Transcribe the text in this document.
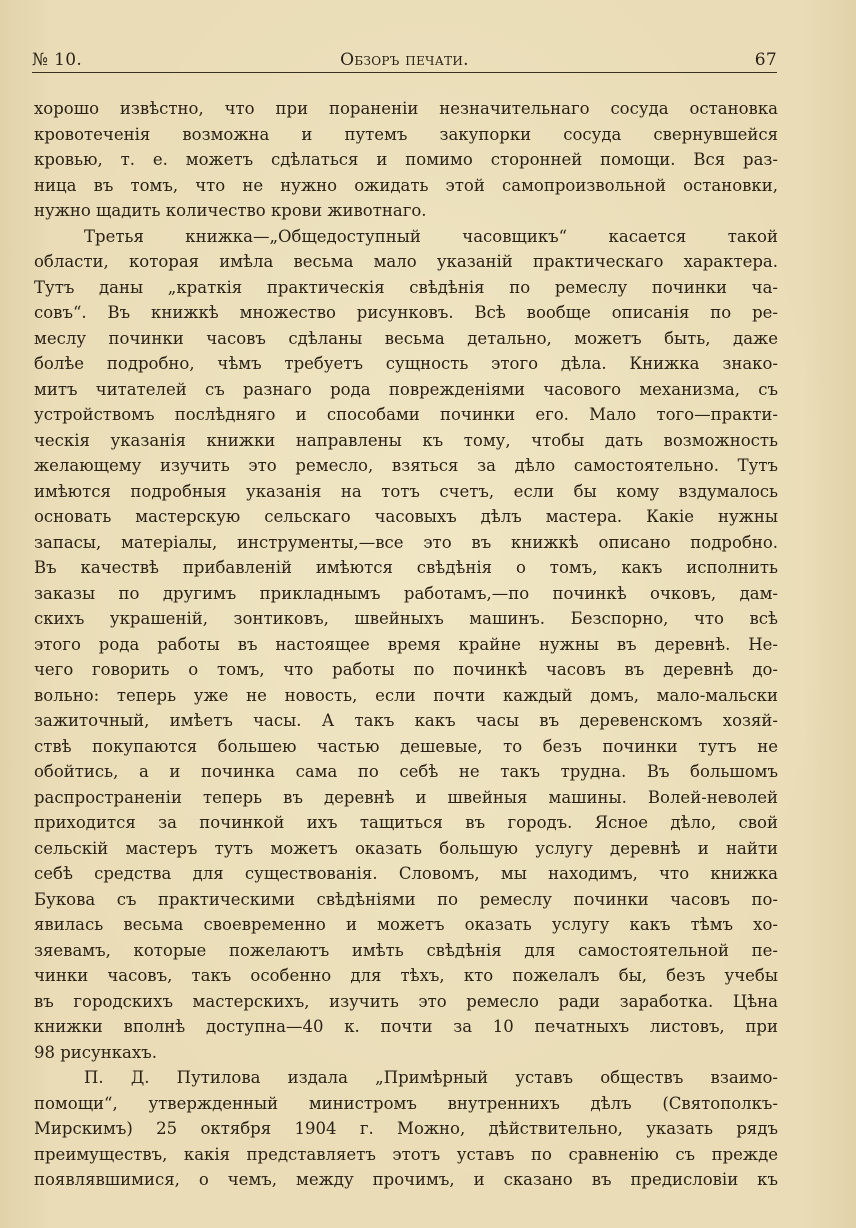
№ 10.	Обзоръ печати.	67
хорошо извѣстно, что при пораненіи незначительнаго сосуда остановка
кровотеченія возможна и путемъ закупорки сосуда свернувшейся
кровью, т. е. можетъ сдѣлаться и помимо сторонней помощи. Вся раз-
ница въ томъ, что не нужно ожидать этой самопроизвольной остановки,
нужно щадить количество крови животнаго.
Третья книжка—„Общедоступный часовщикъ“ касается такой
области, которая имѣла весьма мало указаній практическаго характера.
Тутъ даны „краткія практическія свѣдѣнія по ремеслу починки ча-
совъ“. Въ книжкѣ множество рисунковъ. Всѣ вообще описанія по ре-
меслу починки часовъ сдѣланы весьма детально, можетъ быть, даже
болѣе подробно, чѣмъ требуетъ сущность этого дѣла. Книжка знако-
митъ читателей съ разнаго рода поврежденіями часового механизма, съ
устройствомъ послѣдняго и способами починки его. Мало того—практи-
ческія указанія книжки направлены къ тому, чтобы дать возможность
желающему изучить это ремесло, взяться за дѣло самостоятельно. Тутъ
имѣются подробныя указанія на тотъ счетъ, если бы кому вздумалось
основать мастерскую сельскаго часовыхъ дѣлъ мастера. Какіе нужны
запасы, матеріалы, инструменты,—все это въ книжкѣ описано подробно.
Въ качествѣ прибавленій имѣются свѣдѣнія о томъ, какъ исполнить
заказы по другимъ прикладнымъ работамъ,—по починкѣ очковъ, дам-
скихъ украшеній, зонтиковъ, швейныхъ машинъ. Безспорно, что всѣ
этого рода работы въ настоящее время крайне нужны въ деревнѣ. Не-
чего говорить о томъ, что работы по починкѣ часовъ въ деревнѣ до-
вольно: теперь уже не новость, если почти каждый домъ, мало-мальски
зажиточный, имѣетъ часы. А такъ какъ часы въ деревенскомъ хозяй-
ствѣ покупаются большею частью дешевые, то безъ починки тутъ не
обойтись, а и починка сама по себѣ не такъ трудна. Въ большомъ
распространеніи теперь въ деревнѣ и швейныя машины. Волей-неволей
приходится за починкой ихъ тащиться въ городъ. Ясное дѣло, свой
сельскій мастеръ тутъ можетъ оказать большую услугу деревнѣ и найти
себѣ средства для существованія. Словомъ, мы находимъ, что книжка
Букова съ практическими свѣдѣніями по ремеслу починки часовъ по-
явилась весьма своевременно и можетъ оказать услугу какъ тѣмъ хо-
зяевамъ, которые пожелаютъ имѣть свѣдѣнія для самостоятельной пе-
чинки часовъ, такъ особенно для тѣхъ, кто пожелалъ бы, безъ учебы
въ городскихъ мастерскихъ, изучить это ремесло ради заработка. Цѣна
книжки вполнѣ доступна—40 к. почти за 10 печатныхъ листовъ, при
98 рисункахъ.
П. Д. Путилова издала „Примѣрный уставъ обществъ взаимо-
помощи“, утвержденный министромъ внутреннихъ дѣлъ (Святополкъ-
Мирскимъ) 25 октября 1904 г. Можно, дѣйствительно, указать рядъ
преимуществъ, какія представляетъ этотъ уставъ по сравненію съ прежде
появлявшимися, о чемъ, между прочимъ, и сказано въ предисловіи къ
